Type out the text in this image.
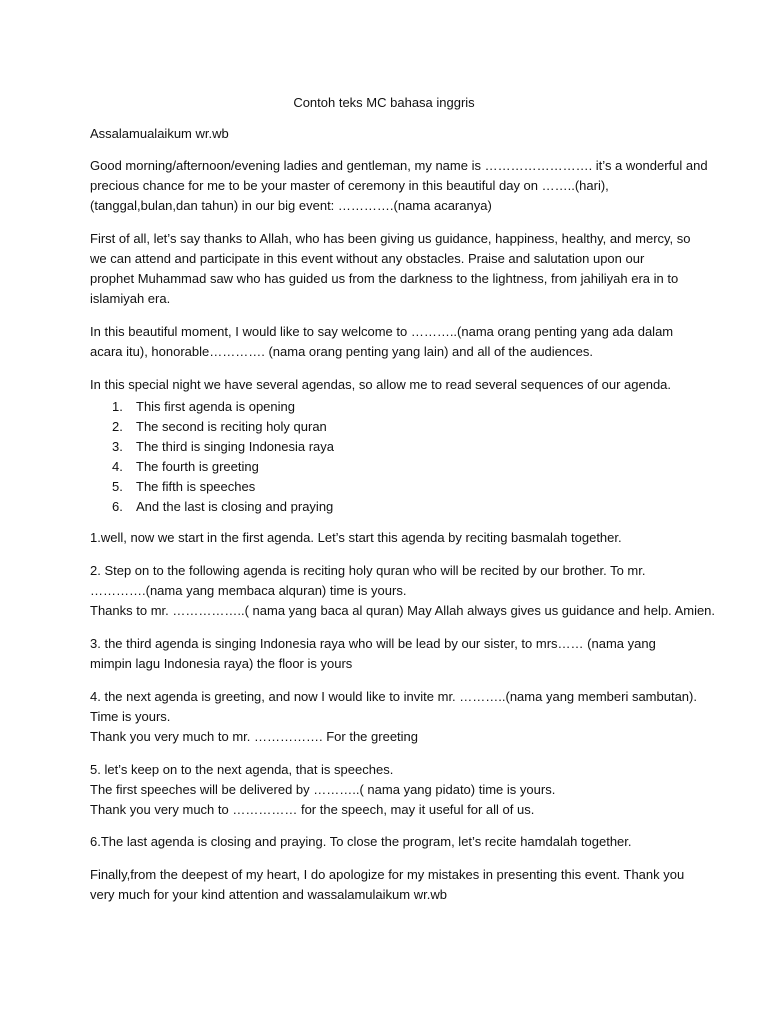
Contoh teks MC bahasa inggris
Assalamualaikum wr.wb
Good morning/afternoon/evening ladies and gentleman, my name is ……………………. it’s a wonderful and
precious chance for me to be your master of ceremony in this beautiful day on ……..(hari),
(tanggal,bulan,dan tahun) in our big event: ………….(nama acaranya)
First of all, let’s say thanks to Allah, who has been giving us guidance, happiness, healthy, and mercy, so
we can attend and participate in this event without any obstacles. Praise and salutation upon our
prophet Muhammad saw who has guided us from the darkness to the lightness, from jahiliyah era in to
islamiyah era.
In this beautiful moment, I would like to say welcome to ………..(nama orang penting yang ada dalam
acara itu), honorable…………. (nama orang penting yang lain) and all of the audiences.
In this special night we have several agendas, so allow me to read several sequences of our agenda.
1. This first agenda is opening
2. The second is reciting holy quran
3. The third is singing Indonesia raya
4. The fourth is greeting
5. The fifth is speeches
6. And the last is closing and praying
1.well, now we start in the first agenda. Let’s start this agenda by reciting basmalah together.
2. Step on to the following agenda is reciting holy quran who will be recited by our brother. To mr.
………….(nama yang membaca alquran) time is yours.
Thanks to mr. ……………..( nama yang baca al quran) May Allah always gives us guidance and help. Amien.
3. the third agenda is singing Indonesia raya who will be lead by our sister, to mrs…… (nama yang
mimpin lagu Indonesia raya) the floor is yours
4. the next agenda is greeting, and now I would like to invite mr. ………..(nama yang memberi sambutan).
Time is yours.
Thank you very much to mr. ……………. For the greeting
5. let’s keep on to the next agenda, that is speeches.
The first speeches will be delivered by ………..( nama yang pidato) time is yours.
Thank you very much to …………… for the speech, may it useful for all of us.
6.The last agenda is closing and praying. To close the program, let’s recite hamdalah together.
Finally,from the deepest of my heart, I do apologize for my mistakes in presenting this event. Thank you
very much for your kind attention and wassalamulaikum wr.wb
